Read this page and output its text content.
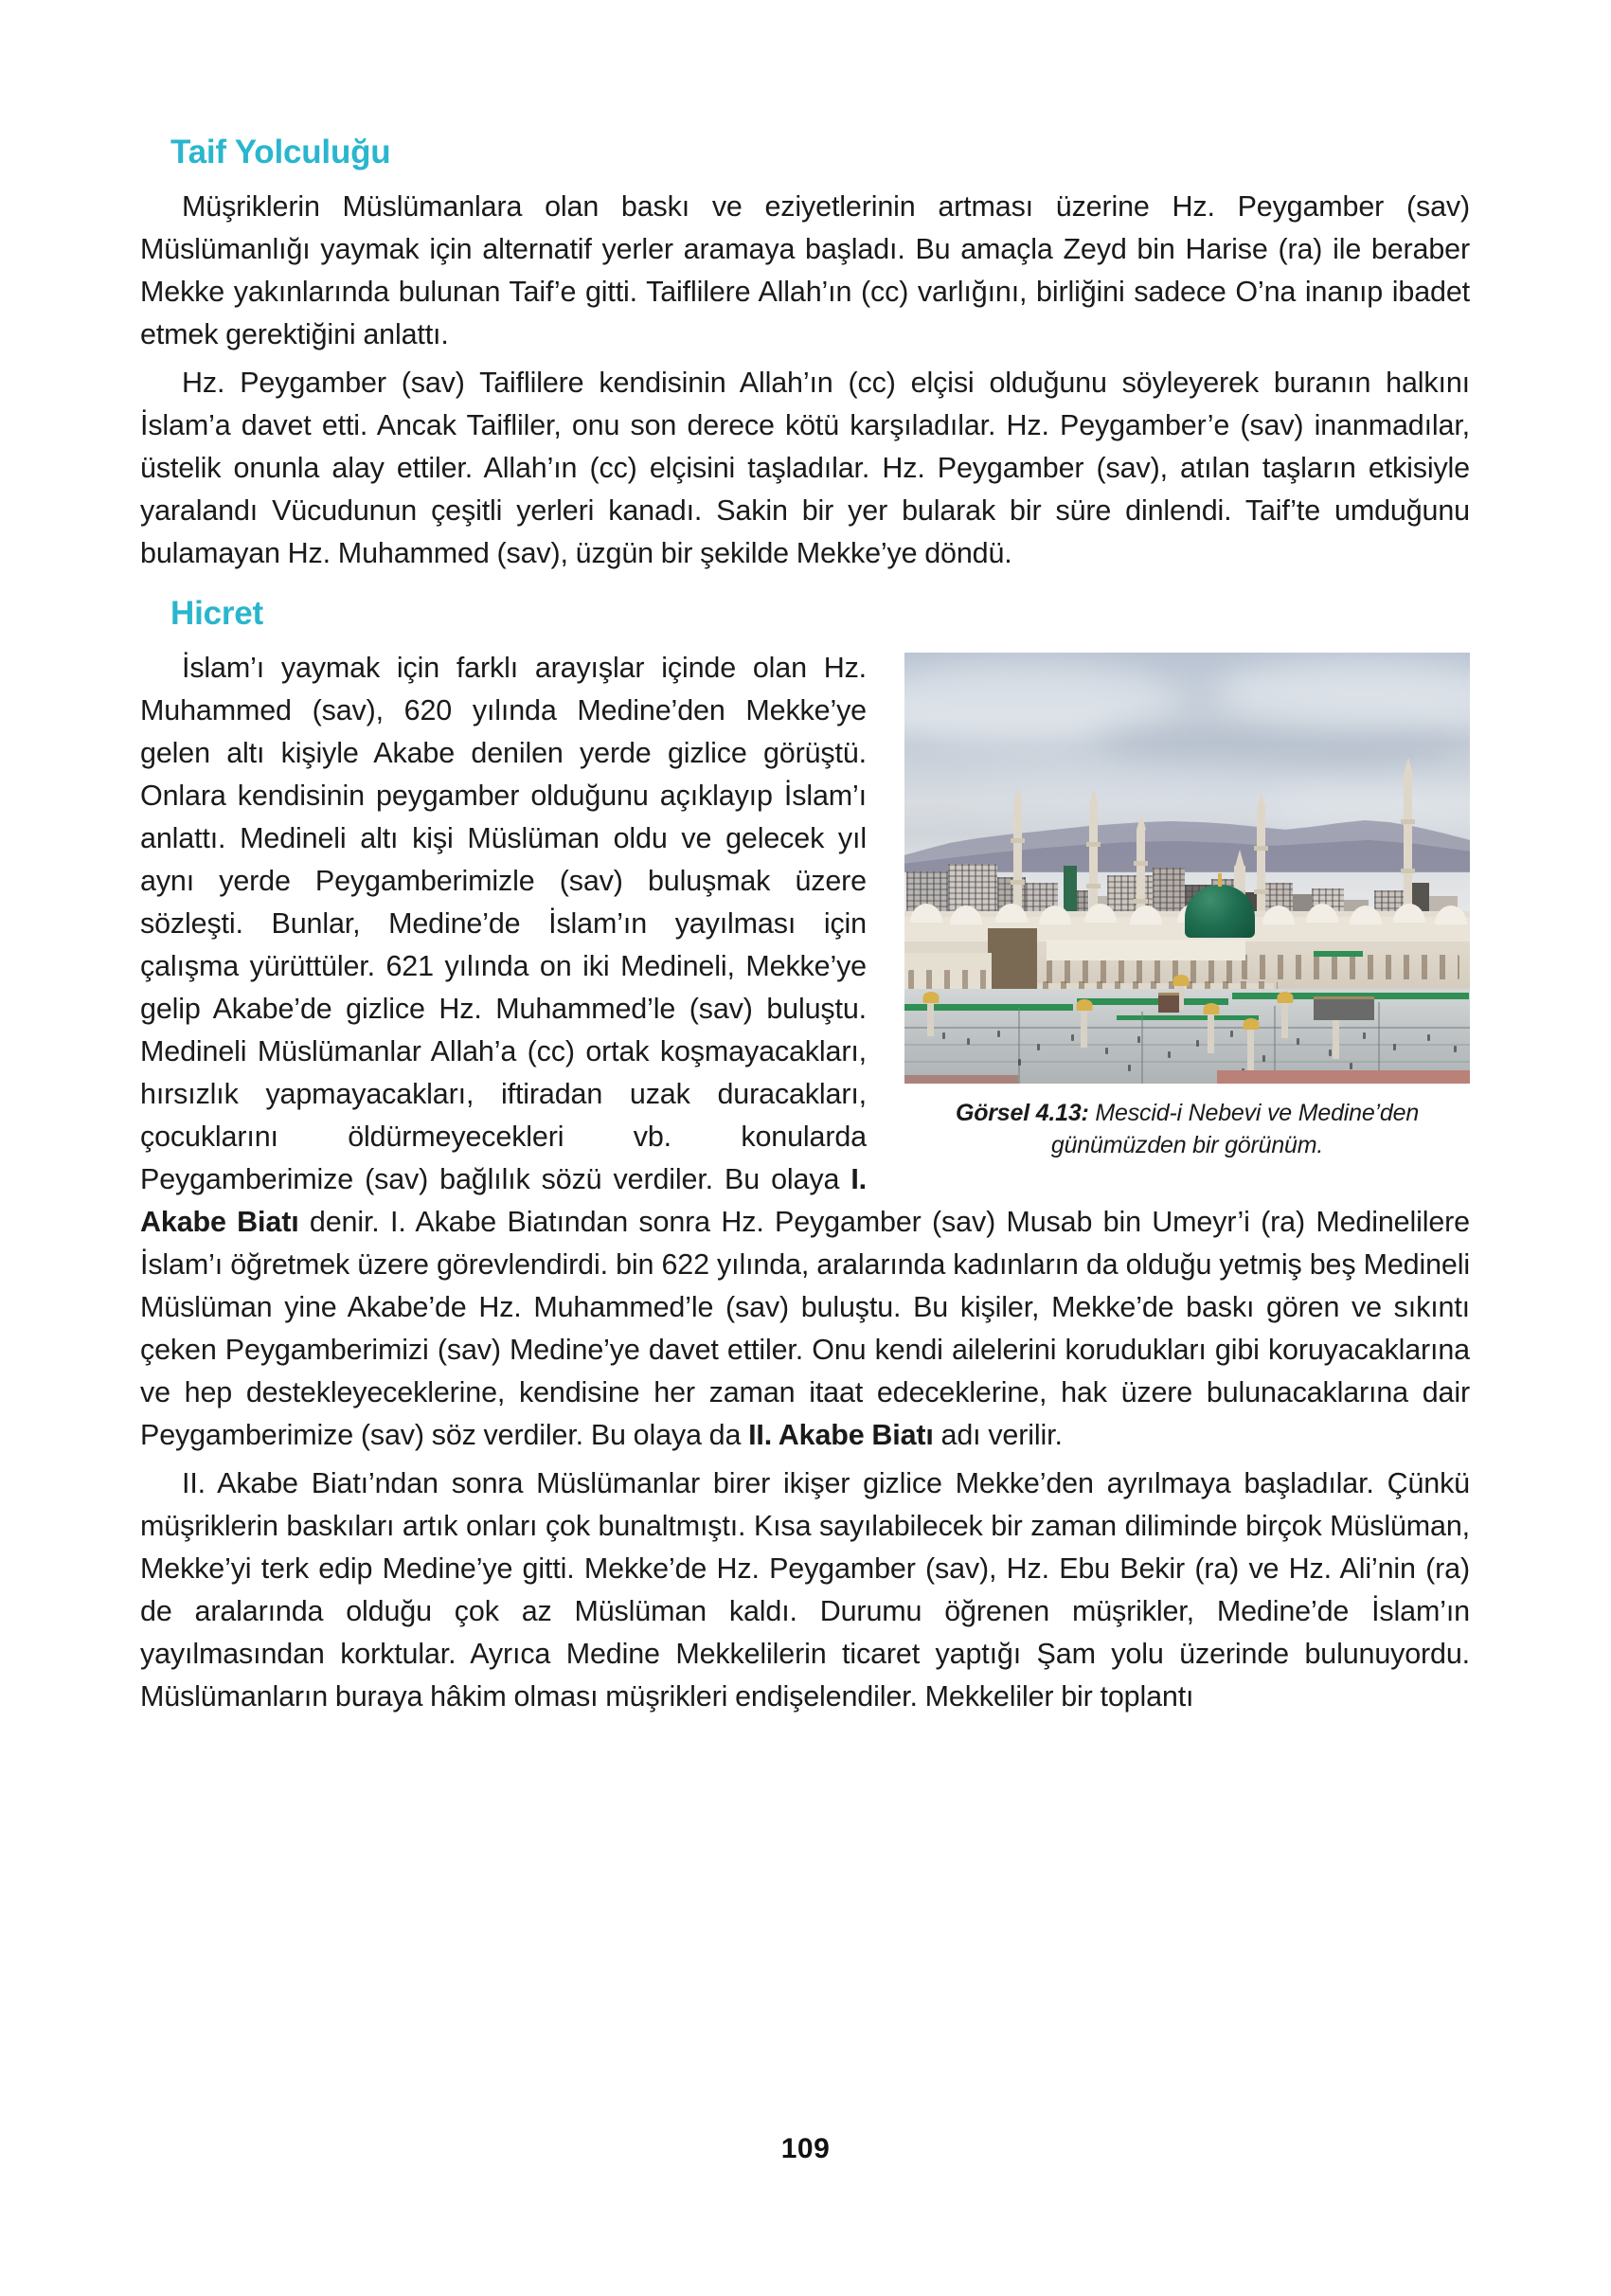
Taif Yolculuğu

Müşriklerin Müslümanlara olan baskı ve eziyetlerinin artması üzerine Hz. Peygamber (sav) Müslümanlığı yaymak için alternatif yerler aramaya başladı. Bu amaçla Zeyd bin Harise (ra) ile beraber Mekke yakınlarında bulunan Taif’e gitti. Taiflilere Allah’ın (cc) varlığını, birliğini sadece O’na inanıp ibadet etmek gerektiğini anlattı.

Hz. Peygamber (sav) Taiflilere kendisinin Allah’ın (cc) elçisi olduğunu söyleyerek buranın halkını İslam’a davet etti. Ancak Taifliler, onu son derece kötü karşıladılar. Hz. Peygamber’e (sav) inanmadılar, üstelik onunla alay ettiler. Allah’ın (cc) elçisini taşladılar. Hz. Peygamber (sav), atılan taşların etkisiyle yaralandı Vücudunun çeşitli yerleri kanadı. Sakin bir yer bularak bir süre dinlendi. Taif’te umduğunu bulamayan Hz. Muhammed (sav), üzgün bir şekilde Mekke’ye döndü.

Hicret
Görsel 4.13: Mescid-i Nebevi ve Medine’den günümüzden bir görünüm.

İslam’ı yaymak için farklı arayışlar içinde olan Hz. Muhammed (sav), 620 yılında Medine’den Mekke’ye gelen altı kişiyle Akabe denilen yerde gizlice görüştü. Onlara kendisinin peygamber olduğunu açıklayıp İslam’ı anlattı. Medineli altı kişi Müslüman oldu ve gelecek yıl aynı yerde Peygamberimizle (sav) buluşmak üzere sözleşti. Bunlar, Medine’de İslam’ın yayılması için çalışma yürüttüler. 621 yılında on iki Medineli, Mekke’ye gelip Akabe’de gizlice Hz. Muhammed’le (sav) buluştu. Medineli Müslümanlar Allah’a (cc) ortak koşmayacakları, hırsızlık yapmayacakları, iftiradan uzak duracakları, çocuklarını öldürmeyecekleri vb. konularda Peygamberimize (sav) bağlılık sözü verdiler. Bu olaya I. Akabe Biatı denir. I. Akabe Biatından sonra Hz. Peygamber (sav) Musab bin Umeyr’i (ra) Medinelilere İslam’ı öğretmek üzere görevlendirdi. bin 622 yılında, aralarında kadınların da olduğu yetmiş beş Medineli Müslüman yine Akabe’de Hz. Muhammed’le (sav) buluştu. Bu kişiler, Mekke’de baskı gören ve sıkıntı çeken Peygamberimizi (sav) Medine’ye davet ettiler. Onu kendi ailelerini korudukları gibi koruyacaklarına ve hep destekleyeceklerine, kendisine her zaman itaat edeceklerine, hak üzere bulunacaklarına dair Peygamberimize (sav) söz verdiler. Bu olaya da II. Akabe Biatı adı verilir.

II. Akabe Biatı’ndan sonra Müslümanlar birer ikişer gizlice Mekke’den ayrılmaya başladılar. Çünkü müşriklerin baskıları artık onları çok bunaltmıştı. Kısa sayılabilecek bir zaman diliminde birçok Müslüman, Mekke’yi terk edip Medine’ye gitti. Mekke’de Hz. Peygamber (sav), Hz. Ebu Bekir (ra) ve Hz. Ali’nin (ra) de aralarında olduğu çok az Müslüman kaldı. Durumu öğrenen müşrikler, Medine’de İslam’ın yayılmasından korktular. Ayrıca Medine Mekkelilerin ticaret yaptığı Şam yolu üzerinde bulunuyordu. Müslümanların buraya hâkim olması müşrikleri endişelendiler. Mekkeliler bir toplantı

109
